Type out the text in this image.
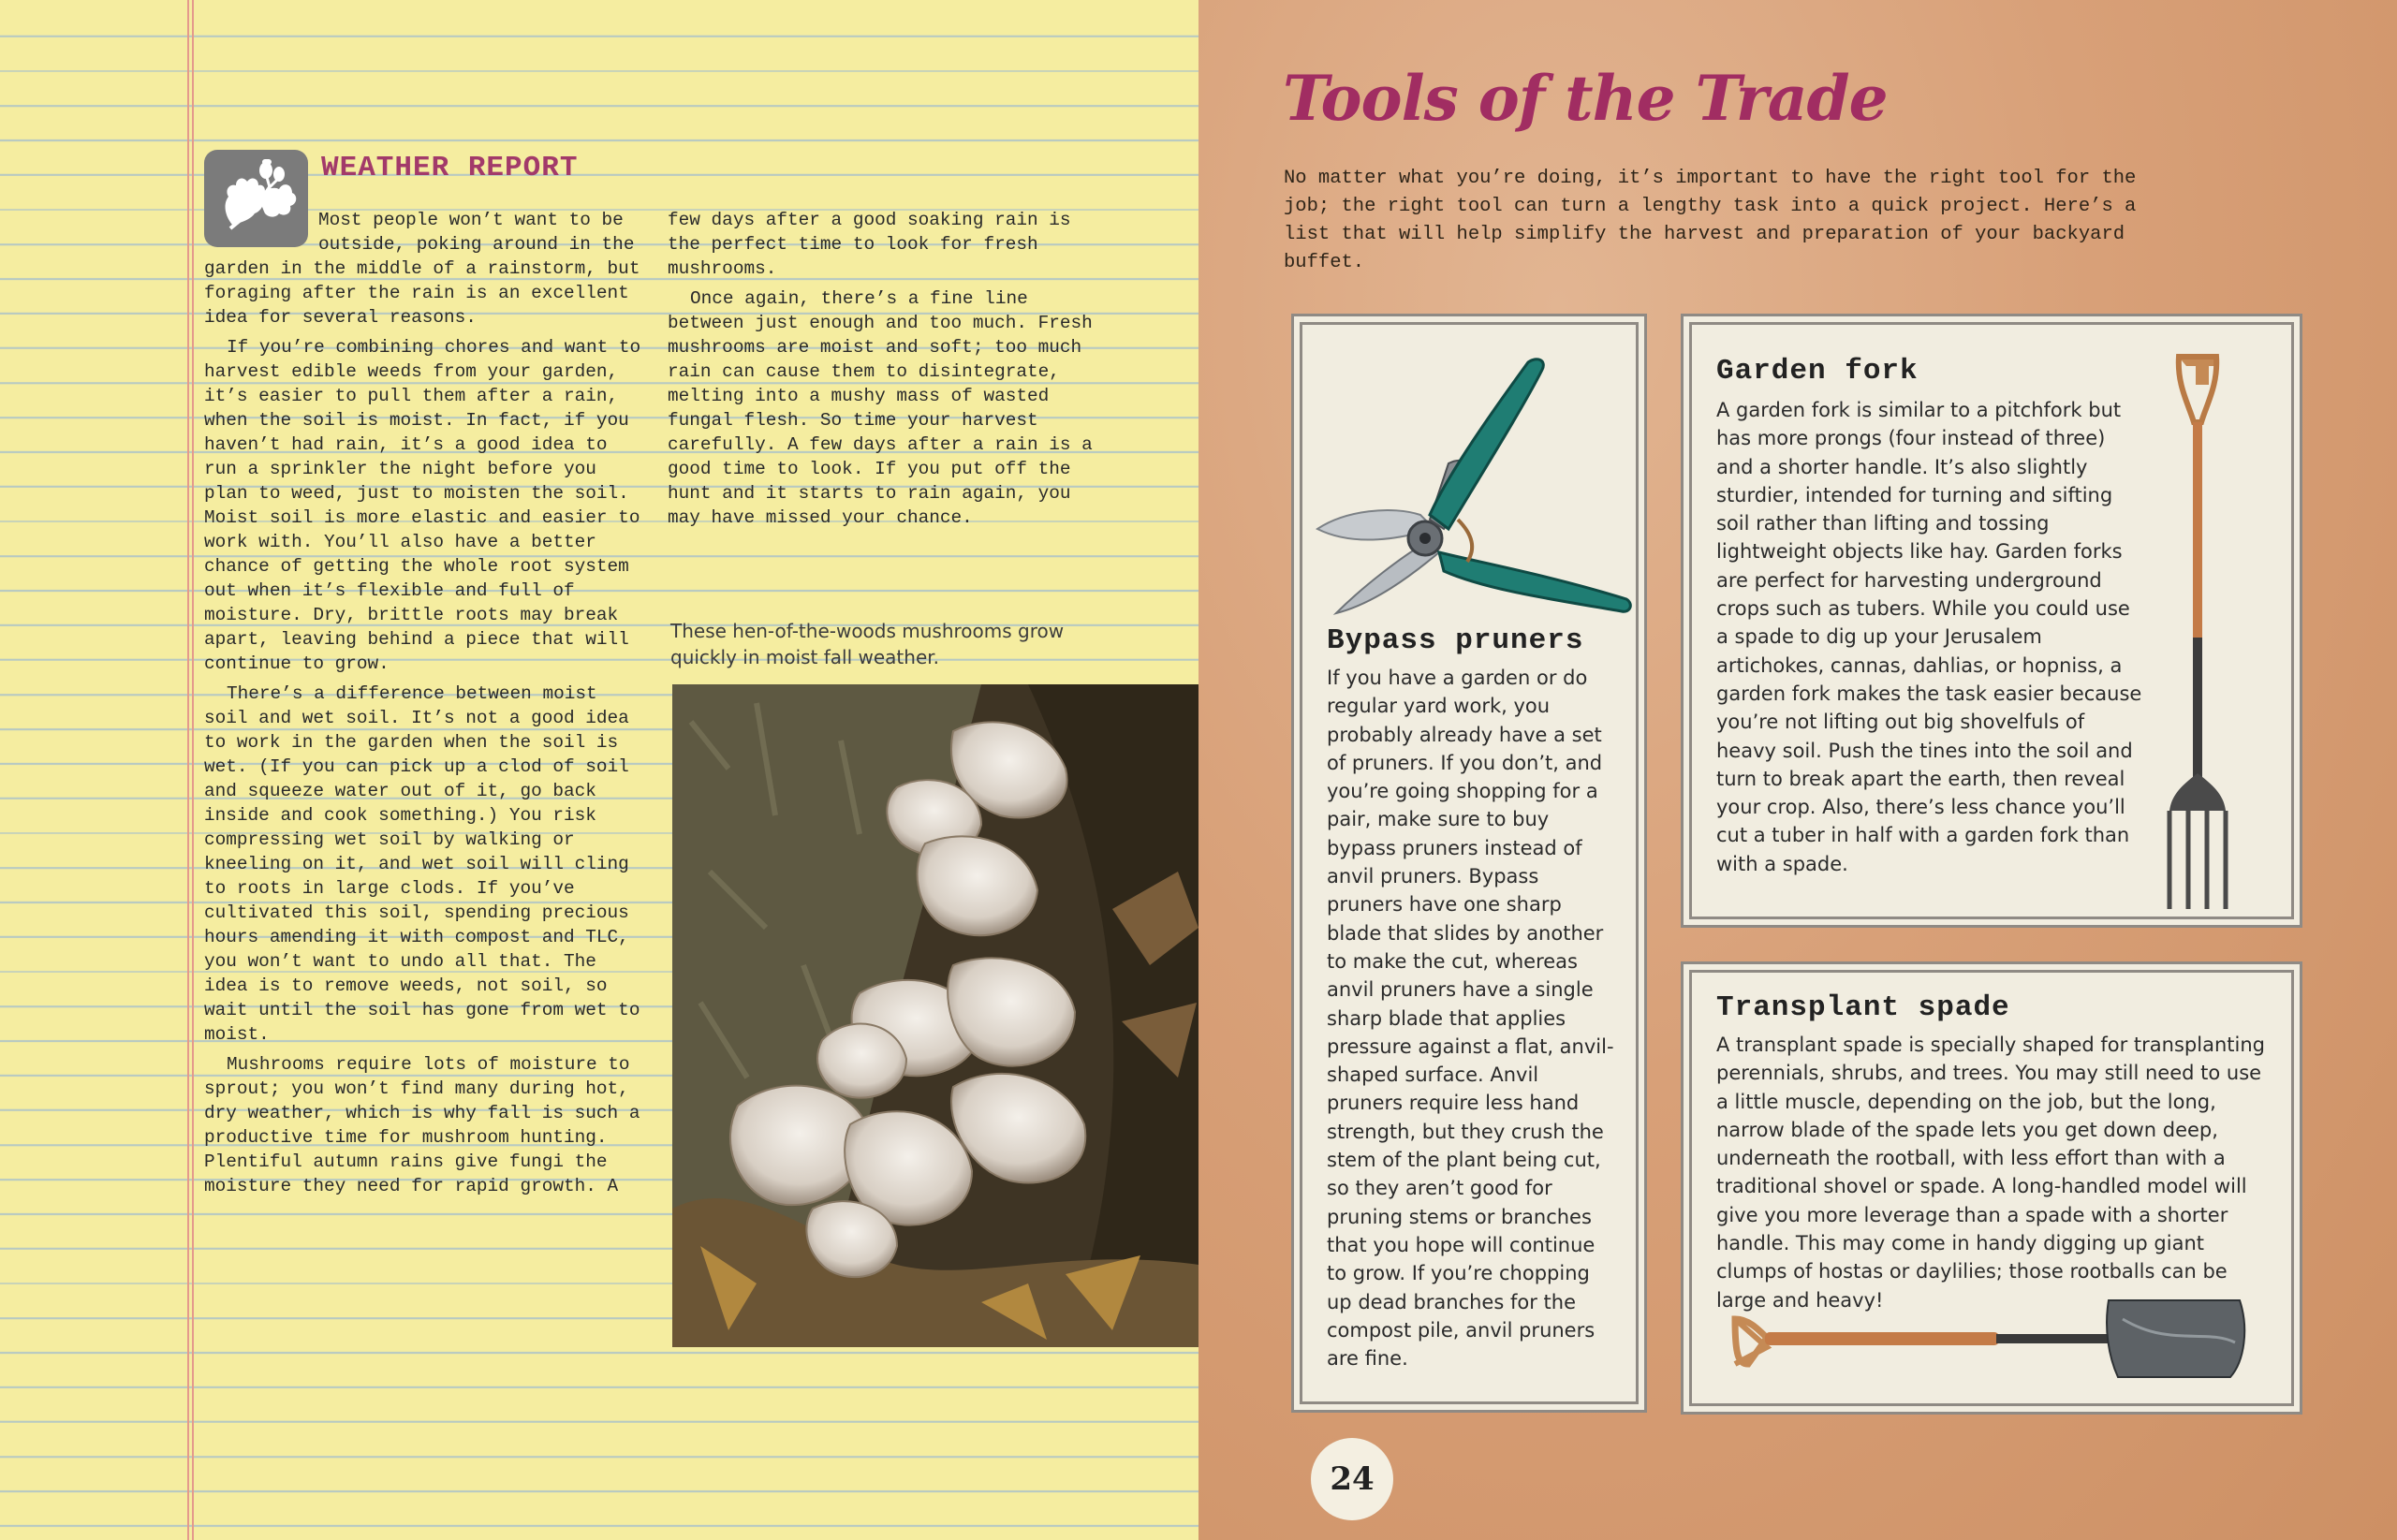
WEATHER REPORT

Most people won’t want to be outside, poking around in the garden in the middle of a rainstorm, but foraging after the rain is an excellent idea for several reasons.

If you’re combining chores and want to harvest edible weeds from your garden, it’s easier to pull them after a rain, when the soil is moist. In fact, if you haven’t had rain, it’s a good idea to run a sprinkler the night before you plan to weed, just to moisten the soil. Moist soil is more elastic and easier to work with. You’ll also have a better chance of getting the whole root system out when it’s flexible and full of moisture. Dry, brittle roots may break apart, leaving behind a piece that will continue to grow.

There’s a difference between moist soil and wet soil. It’s not a good idea to work in the garden when the soil is wet. (If you can pick up a clod of soil and squeeze water out of it, go back inside and cook something.) You risk compressing wet soil by walking or kneeling on it, and wet soil will cling to roots in large clods. If you’ve cultivated this soil, spending precious hours amending it with compost and TLC, you won’t want to undo all that. The idea is to remove weeds, not soil, so wait until the soil has gone from wet to moist.

Mushrooms require lots of moisture to sprout; you won’t find many during hot, dry weather, which is why fall is such a productive time for mushroom hunting. Plentiful autumn rains give fungi the moisture they need for rapid growth. A

few days after a good soaking rain is the perfect time to look for fresh mushrooms.

Once again, there’s a fine line between just enough and too much. Fresh mushrooms are moist and soft; too much rain can cause them to disintegrate, melting into a mushy mass of wasted fungal flesh. So time your harvest carefully. A few days after a rain is a good time to look. If you put off the hunt and it starts to rain again, you may have missed your chance.

These hen-of-the-woods mushrooms grow quickly in moist fall weather.
Tools of the Trade
No matter what you’re doing, it’s important to have the right tool for the job; the right tool can turn a lengthy task into a quick project. Here’s a list that will help simplify the harvest and preparation of your backyard buffet.
Bypass pruners
If you have a garden or do regular yard work, you probably already have a set of pruners. If you don’t, and you’re going shopping for a pair, make sure to buy bypass pruners instead of anvil pruners. Bypass pruners have one sharp blade that slides by another to make the cut, whereas anvil pruners have a single sharp blade that applies pressure against a flat, anvil-shaped surface. Anvil pruners require less hand strength, but they crush the stem of the plant being cut, so they aren’t good for pruning stems or branches that you hope will continue to grow. If you’re chopping up dead branches for the compost pile, anvil pruners are fine.
Garden fork
A garden fork is similar to a pitchfork but has more prongs (four instead of three) and a shorter handle. It’s also slightly sturdier, intended for turning and sifting soil rather than lifting and tossing lightweight objects like hay. Garden forks are perfect for harvesting underground crops such as tubers. While you could use a spade to dig up your Jerusalem artichokes, cannas, dahlias, or hopniss, a garden fork makes the task easier because you’re not lifting out big shovelfuls of heavy soil. Push the tines into the soil and turn to break apart the earth, then reveal your crop. Also, there’s less chance you’ll cut a tuber in half with a garden fork than with a spade.
Transplant spade
A transplant spade is specially shaped for transplanting perennials, shrubs, and trees. You may still need to use a little muscle, depending on the job, but the long, narrow blade of the spade lets you get down deep, underneath the rootball, with less effort than with a traditional shovel or spade. A long-handled model will give you more leverage than a spade with a shorter handle. This may come in handy digging up giant clumps of hostas or daylilies; those rootballs can be large and heavy!
24
